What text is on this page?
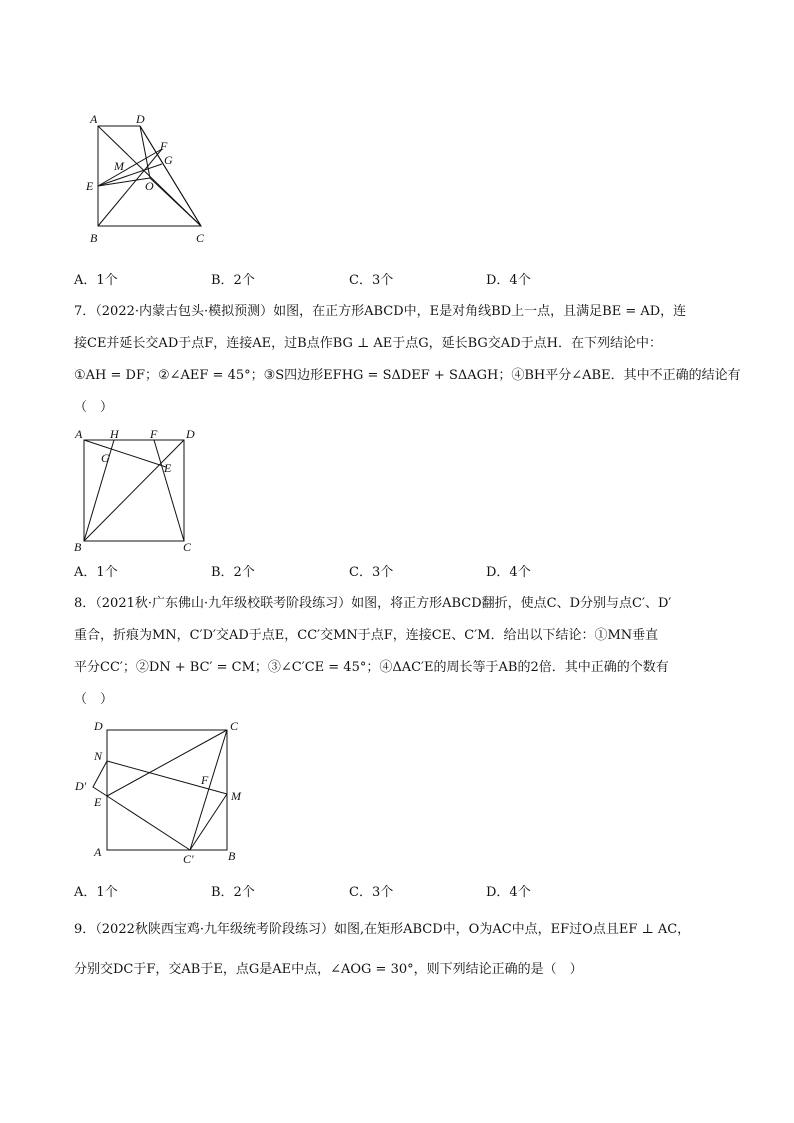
A	D
F
G
M
E	O
B	C
A．1个	B．2个	C．3个	D．4个

7．（2022·内蒙古包头·模拟预测）如图，在正方形ABCD中，E是对角线BD上一点，且满足BE = AD，连

接CE并延长交AD于点F，连接AE，过B点作BG ⊥ AE于点G，延长BG交AD于点H．在下列结论中：

①AH = DF；②∠AEF = 45°；③S四边形EFHG = SΔDEF + SΔAGH；④BH平分∠ABE．其中不正确的结论有

（　）

A H	F D
G
E
B	C
A．1个	B．2个	C．3个	D．4个

8．（2021秋·广东佛山·九年级校联考阶段练习）如图，将正方形ABCD翻折，使点C、D分别与点C′、D′

重合，折痕为MN，C′D′交AD于点E，CC′交MN于点F，连接CE、C′M．给出以下结论：①MN垂直

平分CC′；②DN + BC′ = CM；③∠C′CE = 45°；④ΔAC′E的周长等于AB的2倍．其中正确的个数有

（　）

D	C
N
D′	F
M
E
A	C′	B
A．1个	B．2个	C．3个	D．4个

9．（2022秋陕西宝鸡·九年级统考阶段练习）如图,在矩形ABCD中，O为AC中点，EF过O点且EF ⊥ AC，

分别交DC于F，交AB于E，点G是AE中点，∠AOG = 30°，则下列结论正确的是（　）
